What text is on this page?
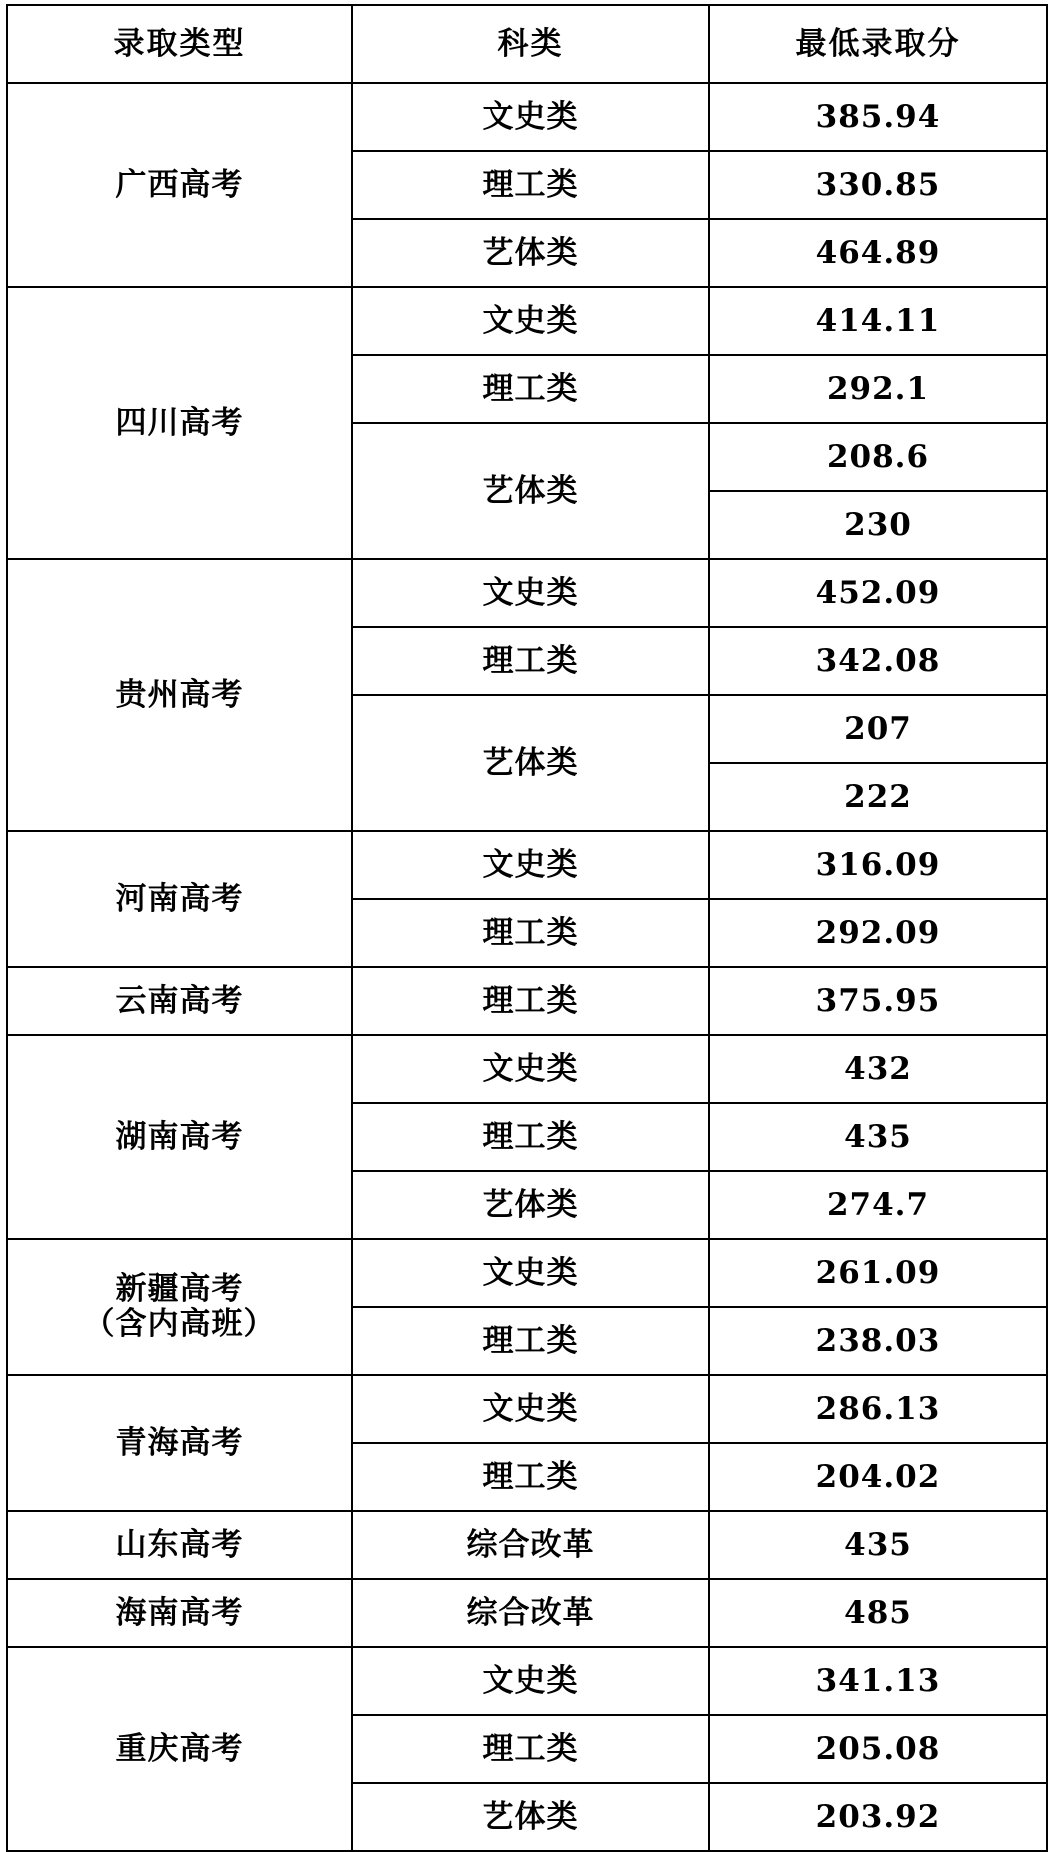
录取类型	科类	最低录取分
广西高考	文史类	385.94
	理工类	330.85
	艺体类	464.89
四川高考	文史类	414.11
	理工类	292.1
	艺体类	208.6
		230
贵州高考	文史类	452.09
	理工类	342.08
	艺体类	207
		222
河南高考	文史类	316.09
	理工类	292.09
云南高考	理工类	375.95
湖南高考	文史类	432
	理工类	435
	艺体类	274.7

新疆高考
（含内高班）	文史类	261.09
	理工类	238.03
青海高考	文史类	286.13
	理工类	204.02
山东高考	综合改革	435
海南高考	综合改革	485
重庆高考	文史类	341.13
	理工类	205.08
	艺体类	203.92
